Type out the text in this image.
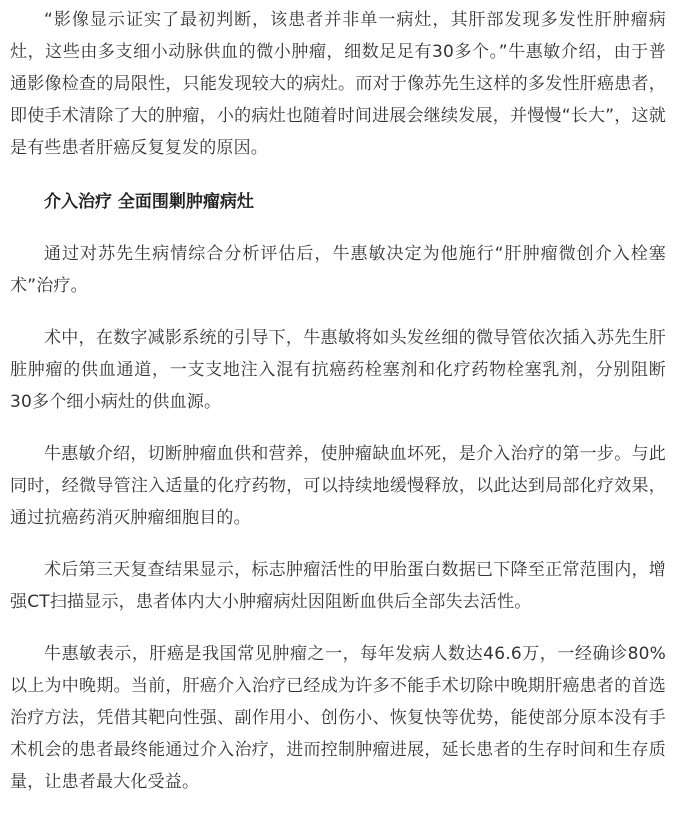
“影像显示证实了最初判断，该患者并非单一病灶，其肝部发现多发性肝肿瘤病灶，这些由多支细小动脉供血的微小肿瘤，细数足足有30多个。”牛惠敏介绍，由于普通影像检查的局限性，只能发现较大的病灶。而对于像苏先生这样的多发性肝癌患者，即使手术清除了大的肿瘤，小的病灶也随着时间进展会继续发展，并慢慢“长大”，这就是有些患者肝癌反复复发的原因。

介入治疗 全面围剿肿瘤病灶

通过对苏先生病情综合分析评估后，牛惠敏决定为他施行“肝肿瘤微创介入栓塞术”治疗。

术中，在数字减影系统的引导下，牛惠敏将如头发丝细的微导管依次插入苏先生肝脏肿瘤的供血通道，一支支地注入混有抗癌药栓塞剂和化疗药物栓塞乳剂，分别阻断30多个细小病灶的供血源。

牛惠敏介绍，切断肿瘤血供和营养，使肿瘤缺血坏死，是介入治疗的第一步。与此同时，经微导管注入适量的化疗药物，可以持续地缓慢释放，以此达到局部化疗效果，通过抗癌药消灭肿瘤细胞目的。

术后第三天复查结果显示，标志肿瘤活性的甲胎蛋白数据已下降至正常范围内，增强CT扫描显示，患者体内大小肿瘤病灶因阻断血供后全部失去活性。

牛惠敏表示，肝癌是我国常见肿瘤之一，每年发病人数达46.6万，一经确诊80%以上为中晚期。当前，肝癌介入治疗已经成为许多不能手术切除中晚期肝癌患者的首选治疗方法，凭借其靶向性强、副作用小、创伤小、恢复快等优势，能使部分原本没有手术机会的患者最终能通过介入治疗，进而控制肿瘤进展，延长患者的生存时间和生存质量，让患者最大化受益。
